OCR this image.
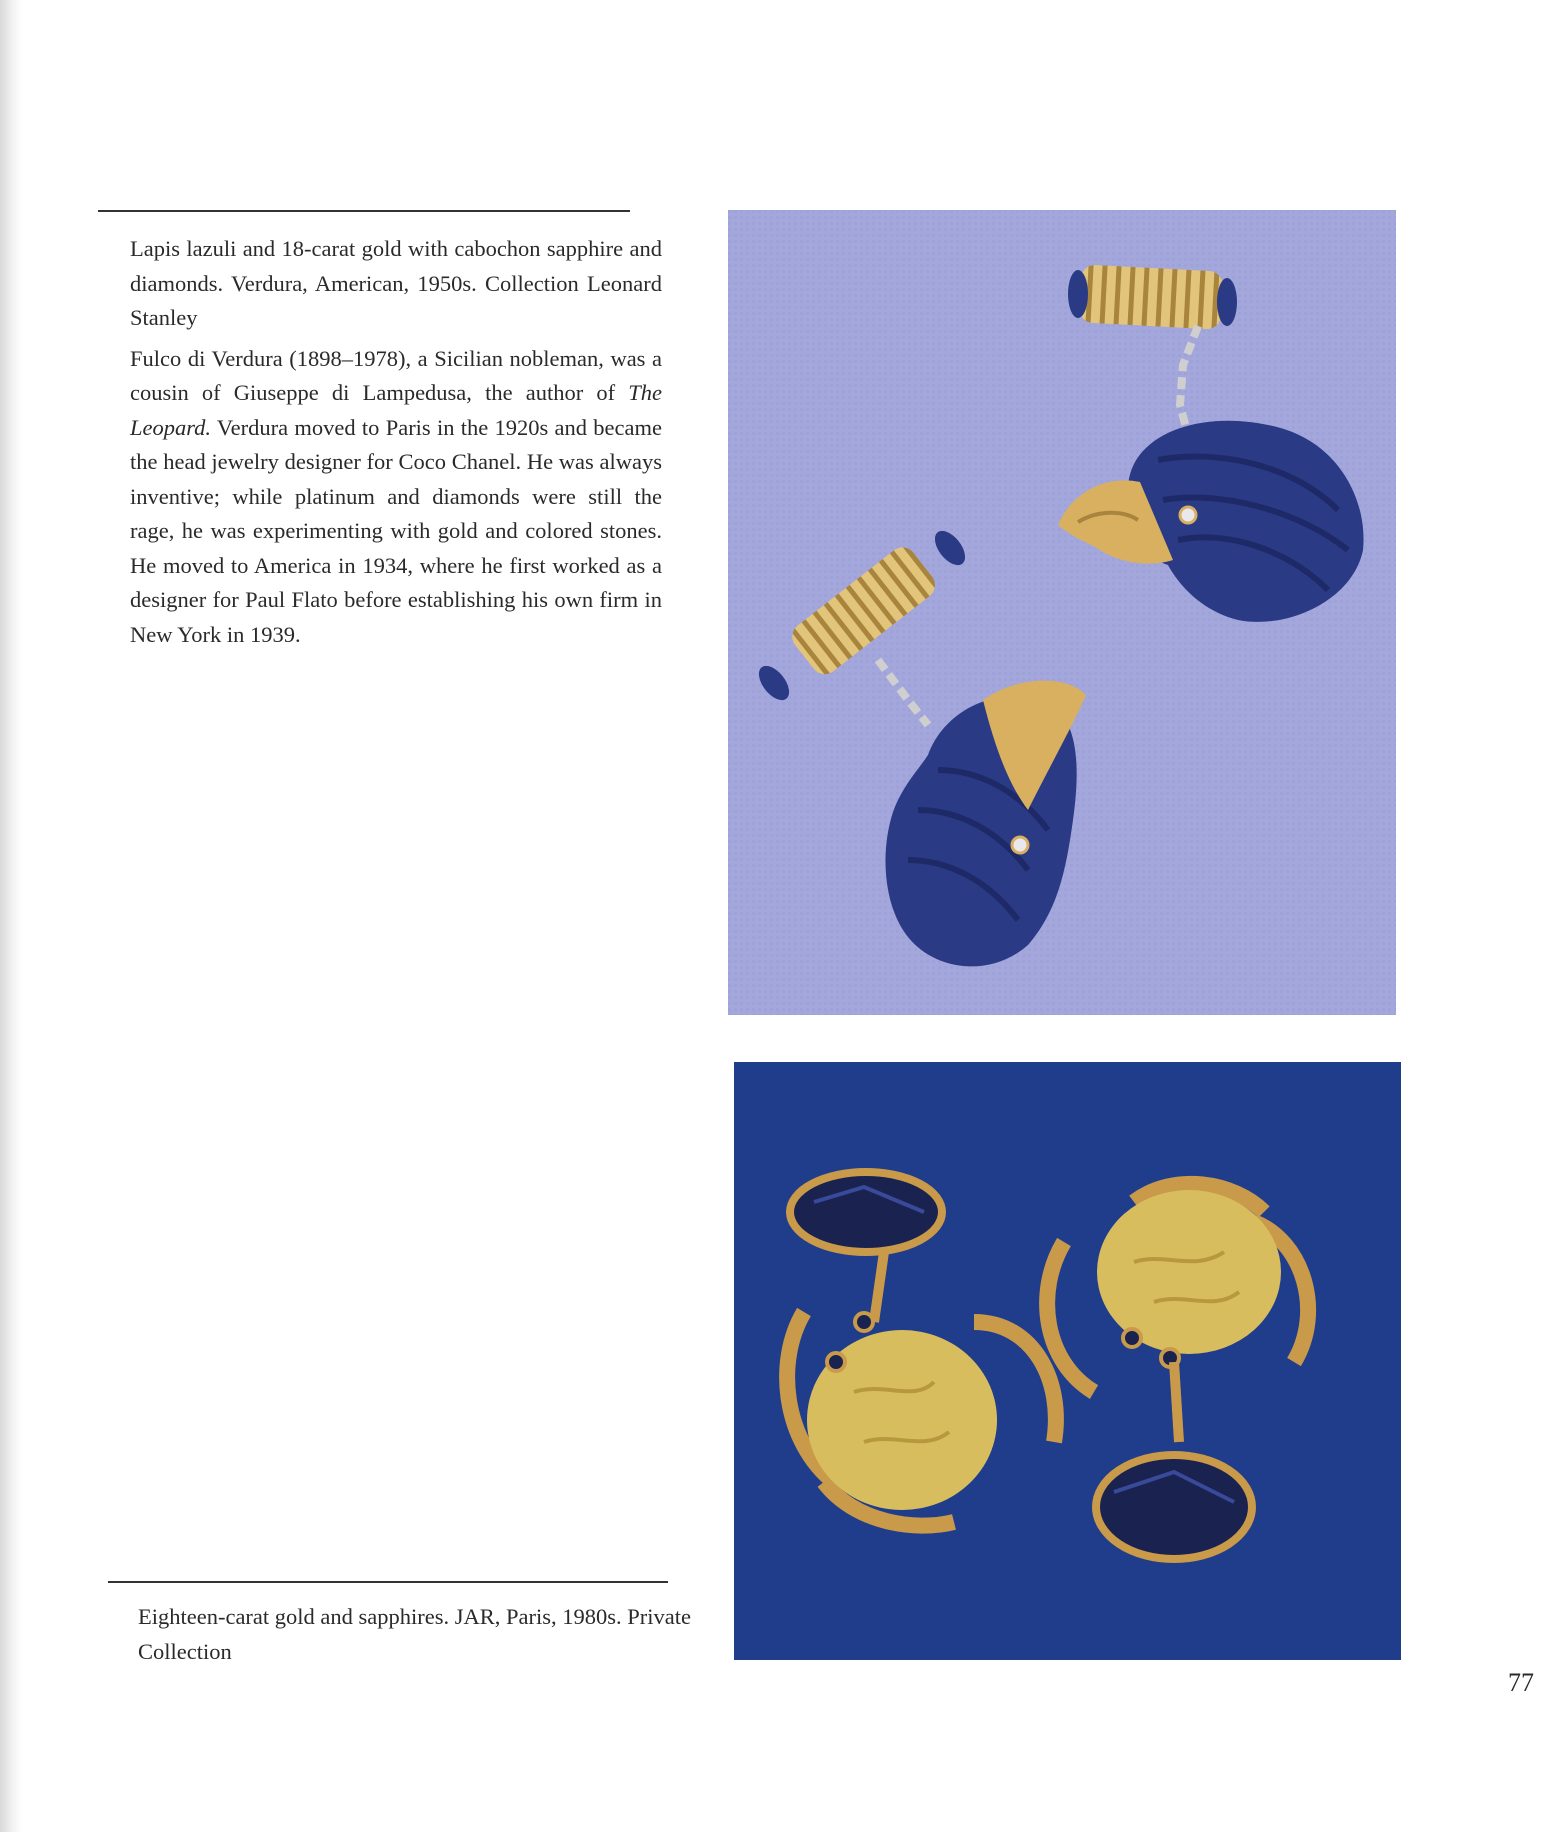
Lapis lazuli and 18-carat gold with cabochon sapphire and diamonds. Verdura, American, 1950s. Collection Leonard Stanley

Fulco di Verdura (1898–1978), a Sicilian nobleman, was a cousin of Giuseppe di Lampedusa, the author of The Leopard. Verdura moved to Paris in the 1920s and became the head jewelry designer for Coco Chanel. He was always inventive; while platinum and diamonds were still the rage, he was experimenting with gold and colored stones. He moved to America in 1934, where he first worked as a designer for Paul Flato before establishing his own firm in New York in 1939.

Eighteen-carat gold and sapphires. JAR, Paris, 1980s. Private Collection

77
